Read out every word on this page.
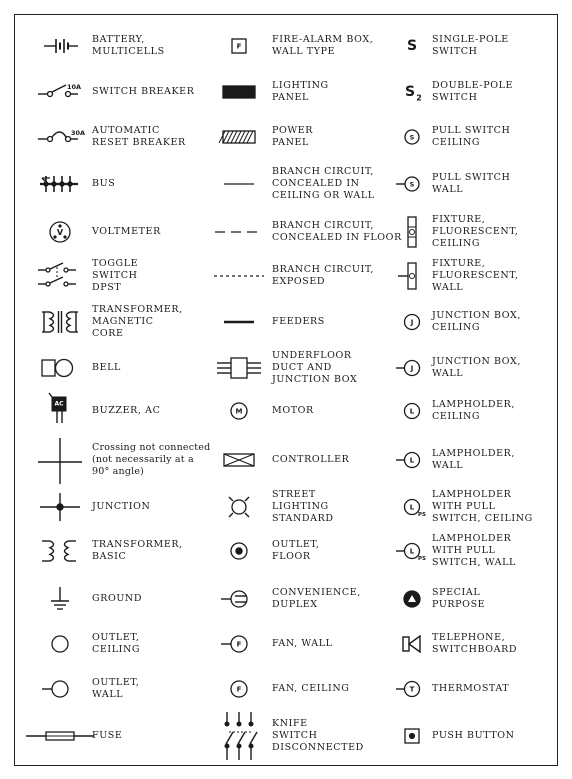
BATTERY,
MULTICELLS
10A SWITCH BREAKER
30A AUTOMATIC
RESET BREAKER
BUS
V	VOLTMETER
TOGGLE
SWITCH
DPST
TRANSFORMER,
MAGNETIC
CORE
BELL
AC
BUZZER, AC
Crossing not connected
(not necessarily at a
90° angle)
JUNCTION
TRANSFORMER,
BASIC
GROUND
OUTLET,
CEILING
OUTLET,
WALL
FUSE
F
FIRE-ALARM BOX,
WALL TYPE
LIGHTING
PANEL
POWER
PANEL
BRANCH CIRCUIT,
CONCEALED IN
CEILING OR WALL
BRANCH CIRCUIT,
CONCEALED IN FLOOR
BRANCH CIRCUIT,
EXPOSED
FEEDERS
UNDERFLOOR
DUCT AND
JUNCTION BOX
M	MOTOR
CONTROLLER
STREET
LIGHTING
STANDARD
OUTLET,
FLOOR
CONVENIENCE,
DUPLEX
F	FAN, WALL
F	FAN, CEILING
KNIFE
SWITCH
DISCONNECTED
S SINGLE-POLE
SWITCH
S 2
DOUBLE-POLE
SWITCH
S
PULL SWITCH
CEILING
S
PULL SWITCH
WALL
FIXTURE,
FLUORESCENT,
CEILING
FIXTURE,
FLUORESCENT,
WALL
J
JUNCTION BOX,
CEILING
J
JUNCTION BOX,
WALL
L
LAMPHOLDER,
CEILING
L
LAMPHOLDER,
WALL
L
PS
LAMPHOLDER
WITH PULL
SWITCH, CEILING
L
PS
LAMPHOLDER
WITH PULL
SWITCH, WALL
SPECIAL
PURPOSE
TELEPHONE,
SWITCHBOARD
T THERMOSTAT
PUSH BUTTON
